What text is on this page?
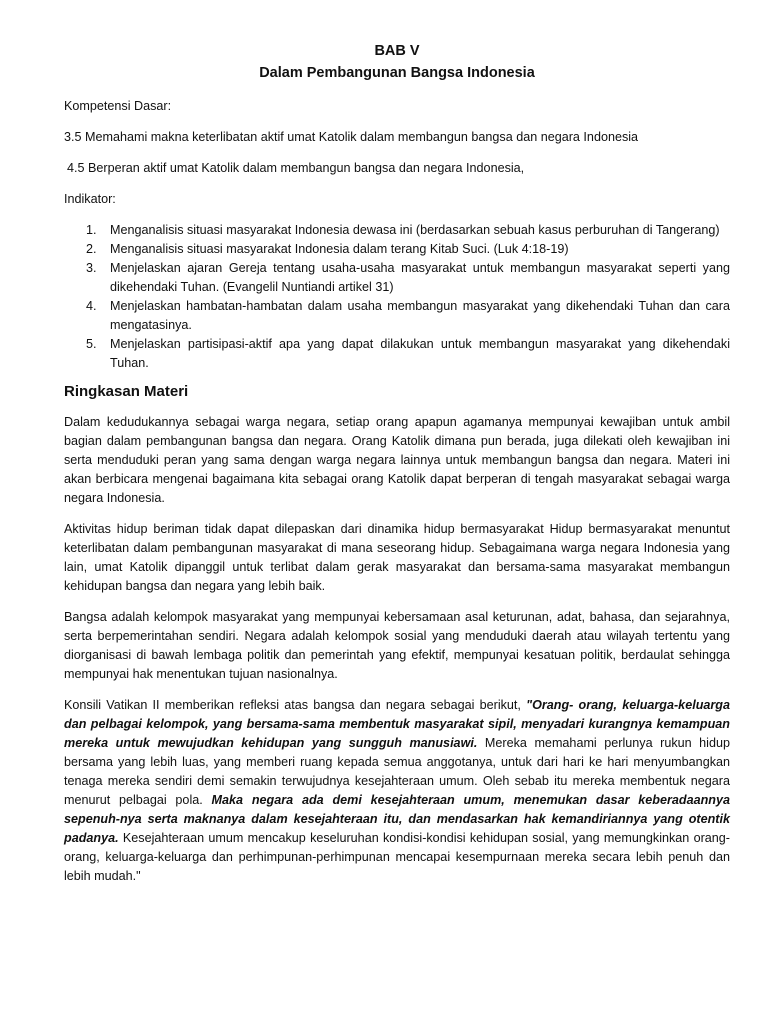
BAB V
Dalam Pembangunan Bangsa Indonesia

Kompetensi Dasar:

3.5 Memahami makna keterlibatan aktif umat Katolik dalam membangun bangsa dan negara Indonesia

4.5 Berperan aktif umat Katolik dalam membangun bangsa dan negara Indonesia,

Indikator:

1. Menganalisis situasi masyarakat Indonesia dewasa ini (berdasarkan sebuah kasus perburuhan di Tangerang)
2. Menganalisis situasi masyarakat Indonesia dalam terang Kitab Suci. (Luk 4:18-19)
3. Menjelaskan ajaran Gereja tentang usaha-usaha masyarakat untuk membangun masyarakat seperti yang dikehendaki Tuhan. (Evangelil Nuntiandi artikel 31)
4. Menjelaskan hambatan-hambatan dalam usaha membangun masyarakat yang dikehendaki Tuhan dan cara mengatasinya.
5. Menjelaskan partisipasi-aktif apa yang dapat dilakukan untuk membangun masyarakat yang dikehendaki Tuhan.
Ringkasan Materi

Dalam kedudukannya sebagai warga negara, setiap orang apapun agamanya mempunyai kewajiban untuk ambil bagian dalam pembangunan bangsa dan negara. Orang Katolik dimana pun berada, juga dilekati oleh kewajiban ini serta menduduki peran yang sama dengan warga negara lainnya untuk membangun bangsa dan negara. Materi ini akan berbicara mengenai bagaimana kita sebagai orang Katolik dapat berperan di tengah masyarakat sebagai warga negara Indonesia.

Aktivitas hidup beriman tidak dapat dilepaskan dari dinamika hidup bermasyarakat Hidup bermasyarakat menuntut keterlibatan dalam pembangunan masyarakat di mana seseorang hidup. Sebagaimana warga negara Indonesia yang lain, umat Katolik dipanggil untuk terlibat dalam gerak masyarakat dan bersama-sama masyarakat membangun kehidupan bangsa dan negara yang lebih baik.

Bangsa adalah kelompok masyarakat yang mempunyai kebersamaan asal keturunan, adat, bahasa, dan sejarahnya, serta berpemerintahan sendiri. Negara adalah kelompok sosial yang menduduki daerah atau wilayah tertentu yang diorganisasi di bawah lembaga politik dan pemerintah yang efektif, mempunyai kesatuan politik, berdaulat sehingga mempunyai hak menentukan tujuan nasionalnya.

Konsili Vatikan II memberikan refleksi atas bangsa dan negara sebagai berikut, "Orang- orang, keluarga-keluarga dan pelbagai kelompok, yang bersama-sama membentuk masyarakat sipil, menyadari kurangnya kemampuan mereka untuk mewujudkan kehidupan yang sungguh manusiawi. Mereka memahami perlunya rukun hidup bersama yang lebih luas, yang memberi ruang kepada semua anggotanya, untuk dari hari ke hari menyumbangkan tenaga mereka sendiri demi semakin terwujudnya kesejahteraan umum. Oleh sebab itu mereka membentuk negara menurut pelbagai pola. Maka negara ada demi kesejahteraan umum, menemukan dasar keberadaannya sepenuh-nya serta maknanya dalam kesejahteraan itu, dan mendasarkan hak kemandiriannya yang otentik padanya. Kesejahteraan umum mencakup keseluruhan kondisi-kondisi kehidupan sosial, yang memungkinkan orang-orang, keluarga-keluarga dan perhimpunan-perhimpunan mencapai kesempurnaan mereka secara lebih penuh dan lebih mudah."
